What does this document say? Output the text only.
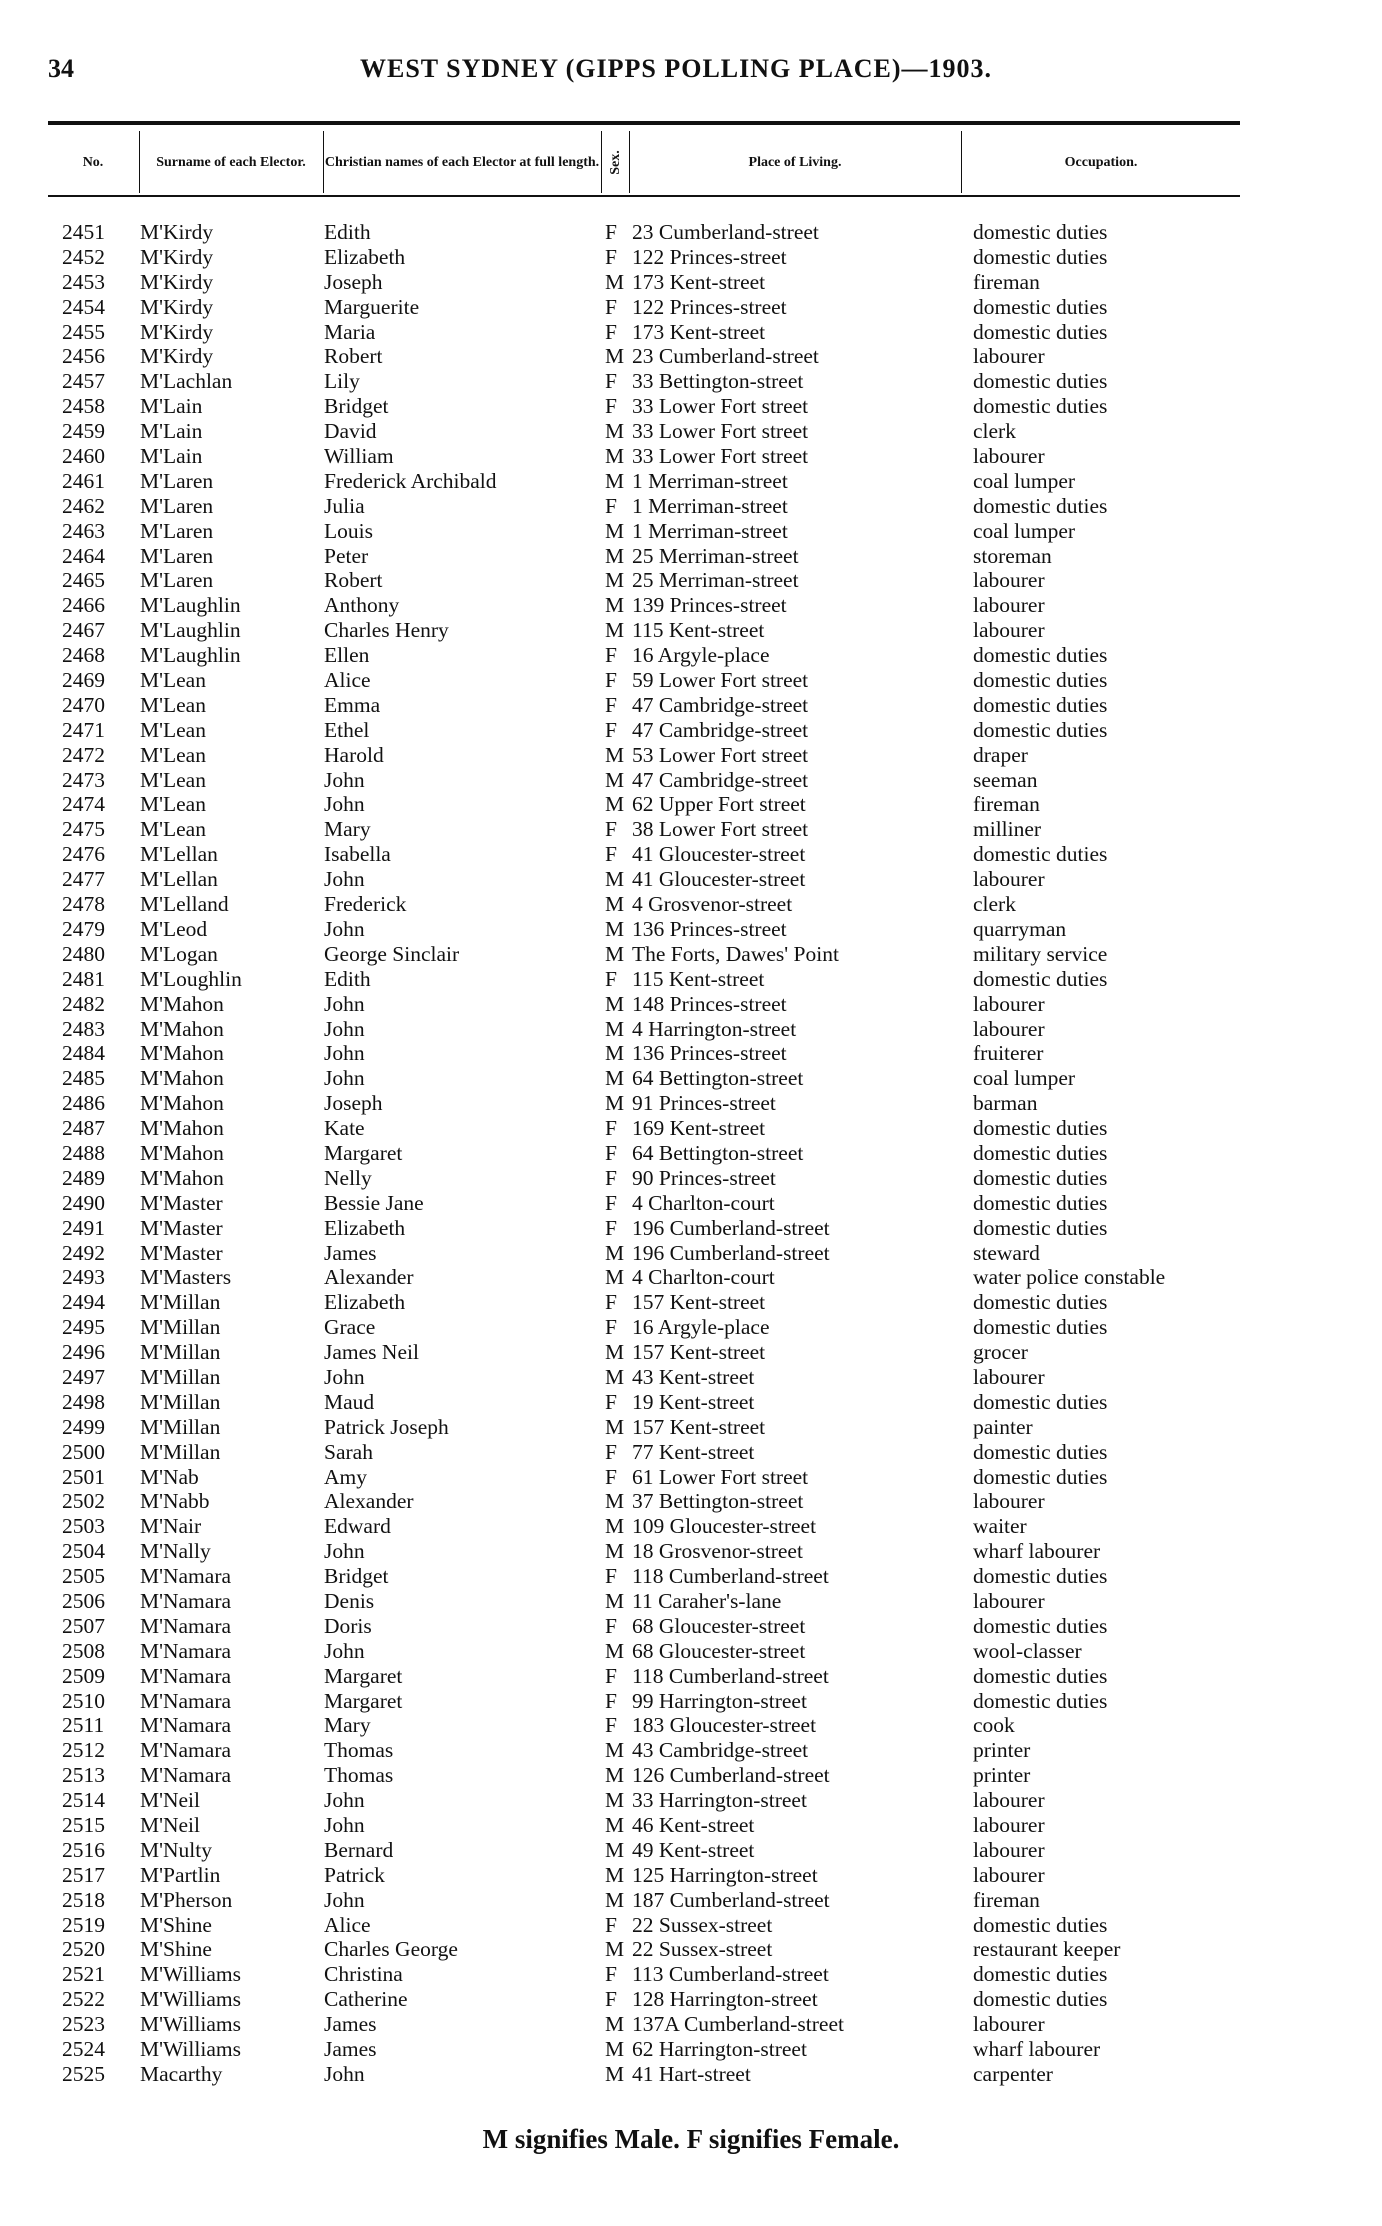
34	WEST SYDNEY (GIPPS POLLING PLACE)—1903.
No.	Surname of each Elector.	Christian names of each Elector at full length. Sex.	Place of Living.	Occupation.
2451 M'Kirdy	Edith	F 23 Cumberland-street	domestic duties
2452 M'Kirdy	Elizabeth	F 122 Princes-street	domestic duties
2453 M'Kirdy	Joseph	M 173 Kent-street	fireman
2454 M'Kirdy	Marguerite	F 122 Princes-street	domestic duties
2455 M'Kirdy	Maria	F 173 Kent-street	domestic duties
2456 M'Kirdy	Robert	M 23 Cumberland-street	labourer
2457 M'Lachlan	Lily	F 33 Bettington-street	domestic duties
2458 M'Lain	Bridget	F 33 Lower Fort street	domestic duties
2459 M'Lain	David	M 33 Lower Fort street	clerk
2460 M'Lain	William	M 33 Lower Fort street	labourer
2461 M'Laren	Frederick Archibald	M 1 Merriman-street	coal lumper
2462 M'Laren	Julia	F 1 Merriman-street	domestic duties
2463 M'Laren	Louis	M 1 Merriman-street	coal lumper
2464 M'Laren	Peter	M 25 Merriman-street	storeman
2465 M'Laren	Robert	M 25 Merriman-street	labourer
2466 M'Laughlin	Anthony	M 139 Princes-street	labourer
2467 M'Laughlin	Charles Henry	M 115 Kent-street	labourer
2468 M'Laughlin	Ellen	F 16 Argyle-place	domestic duties
2469 M'Lean	Alice	F 59 Lower Fort street	domestic duties
2470 M'Lean	Emma	F 47 Cambridge-street	domestic duties
2471 M'Lean	Ethel	F 47 Cambridge-street	domestic duties
2472 M'Lean	Harold	M 53 Lower Fort street	draper
2473 M'Lean	John	M 47 Cambridge-street	seeman
2474 M'Lean	John	M 62 Upper Fort street	fireman
2475 M'Lean	Mary	F 38 Lower Fort street	milliner
2476 M'Lellan	Isabella	F 41 Gloucester-street	domestic duties
2477 M'Lellan	John	M 41 Gloucester-street	labourer
2478 M'Lelland	Frederick	M 4 Grosvenor-street	clerk
2479 M'Leod	John	M 136 Princes-street	quarryman
2480 M'Logan	George Sinclair	M The Forts, Dawes' Point	military service
2481 M'Loughlin	Edith	F 115 Kent-street	domestic duties
2482 M'Mahon	John	M 148 Princes-street	labourer
2483 M'Mahon	John	M 4 Harrington-street	labourer
2484 M'Mahon	John	M 136 Princes-street	fruiterer
2485 M'Mahon	John	M 64 Bettington-street	coal lumper
2486 M'Mahon	Joseph	M 91 Princes-street	barman
2487 M'Mahon	Kate	F 169 Kent-street	domestic duties
2488 M'Mahon	Margaret	F 64 Bettington-street	domestic duties
2489 M'Mahon	Nelly	F 90 Princes-street	domestic duties
2490 M'Master	Bessie Jane	F 4 Charlton-court	domestic duties
2491 M'Master	Elizabeth	F 196 Cumberland-street	domestic duties
2492 M'Master	James	M 196 Cumberland-street	steward
2493 M'Masters	Alexander	M 4 Charlton-court	water police constable
2494 M'Millan	Elizabeth	F 157 Kent-street	domestic duties
2495 M'Millan	Grace	F 16 Argyle-place	domestic duties
2496 M'Millan	James Neil	M 157 Kent-street	grocer
2497 M'Millan	John	M 43 Kent-street	labourer
2498 M'Millan	Maud	F 19 Kent-street	domestic duties
2499 M'Millan	Patrick Joseph	M 157 Kent-street	painter
2500 M'Millan	Sarah	F 77 Kent-street	domestic duties
2501 M'Nab	Amy	F 61 Lower Fort street	domestic duties
2502 M'Nabb	Alexander	M 37 Bettington-street	labourer
2503 M'Nair	Edward	M 109 Gloucester-street	waiter
2504 M'Nally	John	M 18 Grosvenor-street	wharf labourer
2505 M'Namara	Bridget	F 118 Cumberland-street	domestic duties
2506 M'Namara	Denis	M 11 Caraher's-lane	labourer
2507 M'Namara	Doris	F 68 Gloucester-street	domestic duties
2508 M'Namara	John	M 68 Gloucester-street	wool-classer
2509 M'Namara	Margaret	F 118 Cumberland-street	domestic duties
2510 M'Namara	Margaret	F 99 Harrington-street	domestic duties
2511 M'Namara	Mary	F 183 Gloucester-street	cook
2512 M'Namara	Thomas	M 43 Cambridge-street	printer
2513 M'Namara	Thomas	M 126 Cumberland-street	printer
2514 M'Neil	John	M 33 Harrington-street	labourer
2515 M'Neil	John	M 46 Kent-street	labourer
2516 M'Nulty	Bernard	M 49 Kent-street	labourer
2517 M'Partlin	Patrick	M 125 Harrington-street	labourer
2518 M'Pherson	John	M 187 Cumberland-street	fireman
2519 M'Shine	Alice	F 22 Sussex-street	domestic duties
2520 M'Shine	Charles George	M 22 Sussex-street	restaurant keeper
2521 M'Williams	Christina	F 113 Cumberland-street	domestic duties
2522 M'Williams	Catherine	F 128 Harrington-street	domestic duties
2523 M'Williams	James	M 137A Cumberland-street	labourer
2524 M'Williams	James	M 62 Harrington-street	wharf labourer
2525 Macarthy	John	M 41 Hart-street	carpenter
M signifies Male. F signifies Female.
